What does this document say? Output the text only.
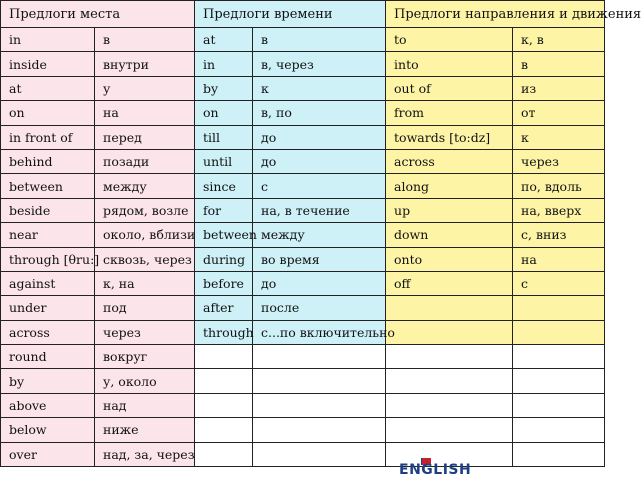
Предлоги места		Предлоги времени		Предлоги направления и движения	
in	в	at	в	to	к, в
inside	внутри	in	в, через	into	в
at	у	by	к	out of	из
on	на	on	в, по	from	от
in front of	перед	till	до	towards [to:dz]	к
behind	позади	until	до	across	через
between	между	since	с	along	по, вдоль
beside	рядом, возле	for	на, в течение	up	на, вверх
near	около, вблизи	between	между	down	с, вниз
through [θru:]	сквозь, через	during	во время	onto	на
against	к, на	before	до	off	с
under	под	after	после		
across	через	through	с...по включительно		
round	вокруг				
by	у, около				
above	над				
below	ниже				
over	над, за, через				
ENGLISH
